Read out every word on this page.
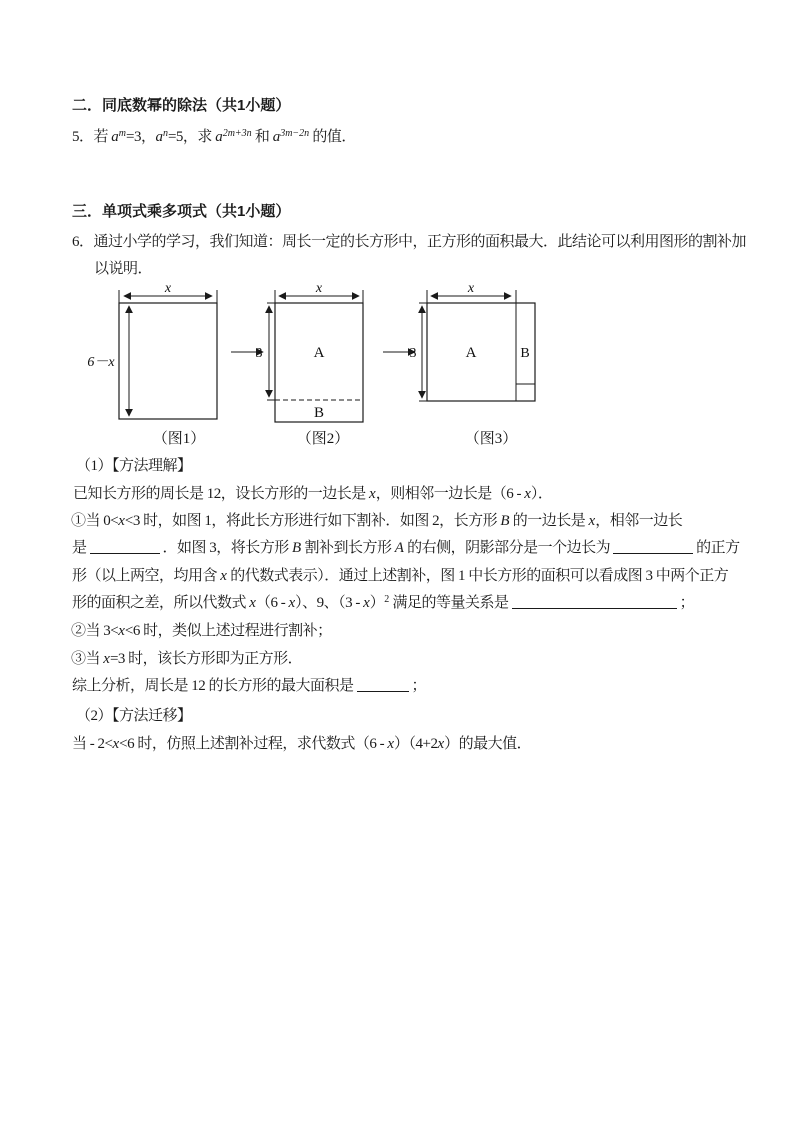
二．同底数幂的除法（共1小题）
5．若 $a^m=3$，$a^n=5$，求 $a^{2m+3n}$ 和 $a^{3m-2n}$ 的值．
三．单项式乘多项式（共1小题）
6．通过小学的学习，我们知道：周长一定的长方形中，正方形的面积最大．此结论可以利用图形的割补加
以说明．
x
6－x
（图1）
x
3	A
B
（图2）
x
3	A	B
（图3）
（1）【方法理解】
已知长方形的周长是 12，设长方形的一边长是 x，则相邻一边长是（6 - x）．
①当 0<x<3 时，如图 1，将此长方形进行如下割补．如图 2，长方形 B 的一边长是 x，相邻一边长
是	．如图 3，将长方形 B 割补到长方形 A 的右侧，阴影部分是一个边长为	的正方
形（以上两空，均用含 x 的代数式表示）．通过上述割补，图 1 中长方形的面积可以看成图 3 中两个正方
形的面积之差，所以代数式 x（6 - x）、9、（3 - x）$^2$ 满足的等量关系是	；
②当 3<x<6 时，类似上述过程进行割补；
③当 x=3 时，该长方形即为正方形．
综上分析，周长是 12 的长方形的最大面积是	；
（2）【方法迁移】
当 - 2<x<6 时，仿照上述割补过程，求代数式（6 - x）（4+2x）的最大值．
